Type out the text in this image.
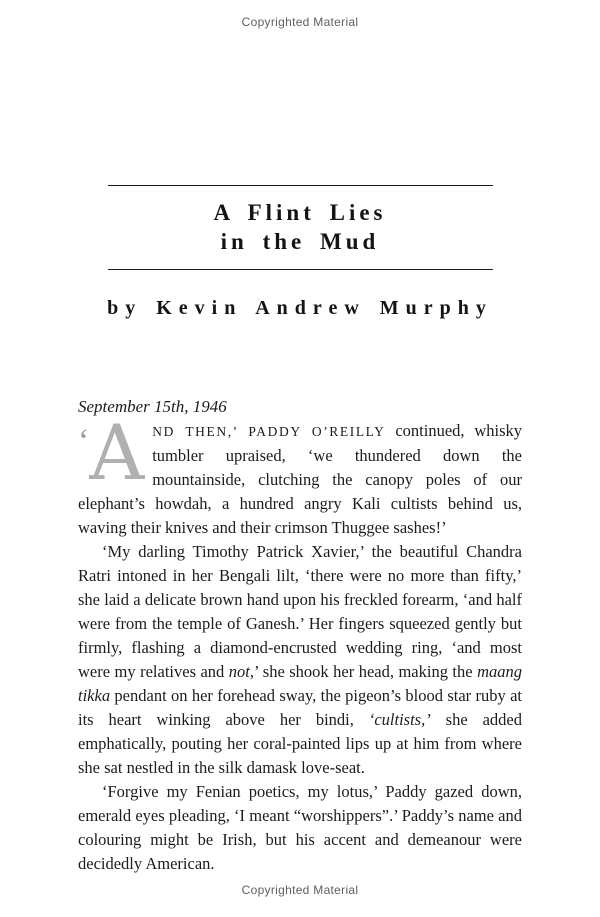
Copyrighted Material
A Flint Lies
in the Mud
by Kevin Andrew Murphy
September 15th, 1946

‘A ND THEN,’ PADDY O’REILLY continued, whisky tumbler upraised, ‘we thundered down the mountainside, clutching the canopy poles of our elephant’s howdah, a hundred angry Kali cultists behind us, waving their knives and their crimson Thuggee sashes!’

‘My darling Timothy Patrick Xavier,’ the beautiful Chandra Ratri intoned in her Bengali lilt, ‘there were no more than fifty,’ she laid a delicate brown hand upon his freckled forearm, ‘and half were from the temple of Ganesh.’ Her fingers squeezed gently but firmly, flashing a diamond-encrusted wedding ring, ‘and most were my relatives and not,’ she shook her head, making the maang tikka pendant on her forehead sway, the pigeon’s blood star ruby at its heart winking above her bindi, ‘cultists,’ she added emphatically, pouting her coral-painted lips up at him from where she sat nestled in the silk damask love-seat.

‘Forgive my Fenian poetics, my lotus,’ Paddy gazed down, emerald eyes pleading, ‘I meant “worshippers”.’ Paddy’s name and colouring might be Irish, but his accent and demeanour were decidedly American.

Copyrighted Material
